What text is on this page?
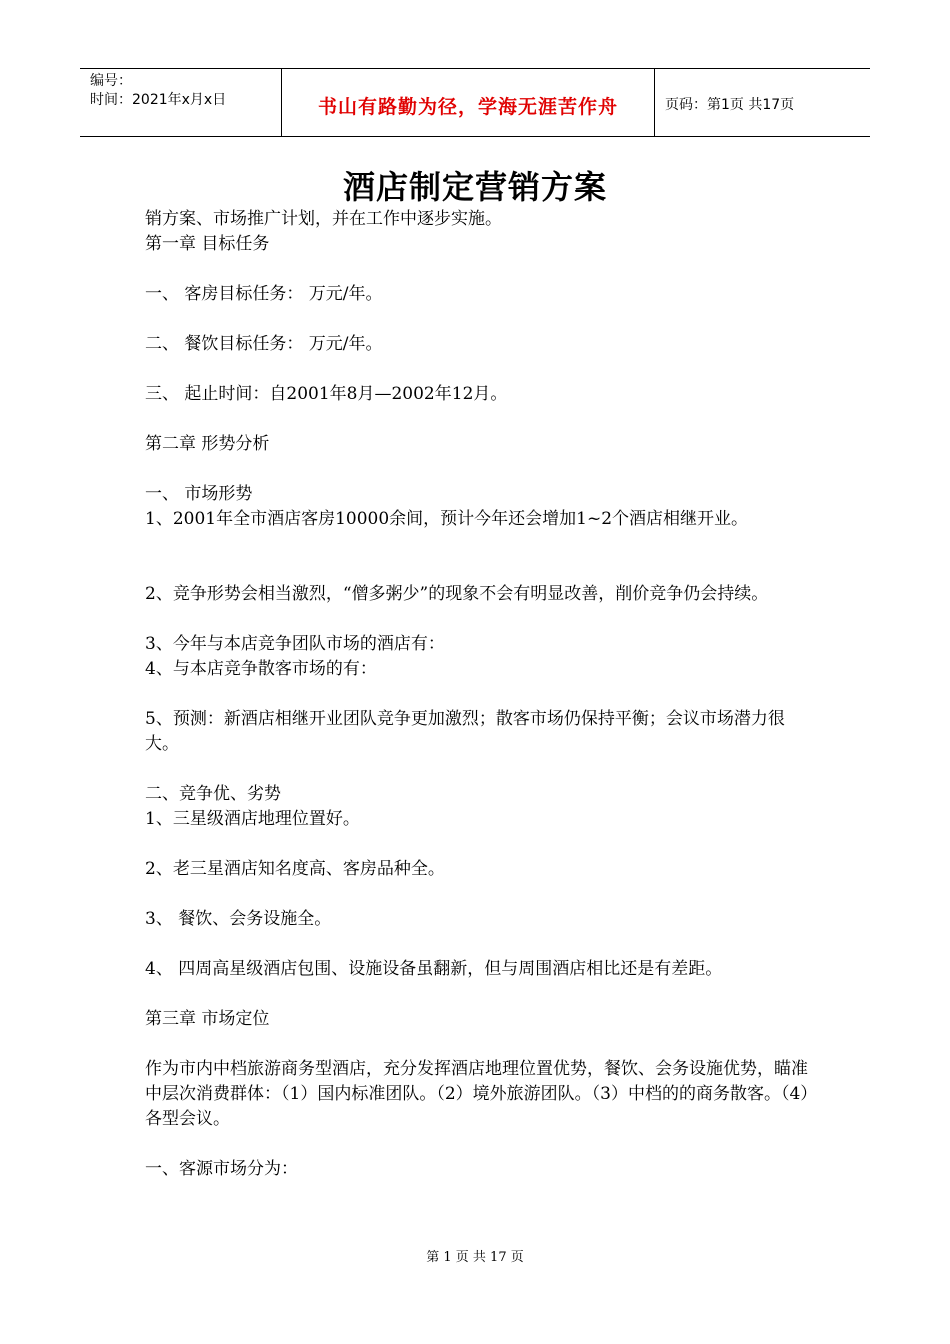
编号：
时间：2021年x月x日	书山有路勤为径，学海无涯苦作舟	页码：第1页 共17页
酒店制定营销方案

销方案、市场推广计划，并在工作中逐步实施。

第一章 目标任务

一、 客房目标任务： 万元/年。

二、 餐饮目标任务： 万元/年。

三、 起止时间：自2001年8月—2002年12月。

第二章 形势分析

一、 市场形势

1、2001年全市酒店客房10000余间，预计今年还会增加1~2个酒店相继开业。

2、竞争形势会相当激烈，“僧多粥少”的现象不会有明显改善，削价竞争仍会持续。

3、今年与本店竞争团队市场的酒店有：

4、与本店竞争散客市场的有：

5、预测：新酒店相继开业团队竞争更加激烈；散客市场仍保持平衡；会议市场潜力很大。

二、竞争优、劣势

1、三星级酒店地理位置好。

2、老三星酒店知名度高、客房品种全。

3、 餐饮、会务设施全。

4、 四周高星级酒店包围、设施设备虽翻新，但与周围酒店相比还是有差距。

第三章 市场定位

作为市内中档旅游商务型酒店，充分发挥酒店地理位置优势，餐饮、会务设施优势，瞄准中层次消费群体：（1）国内标准团队。（2）境外旅游团队。（3）中档的的商务散客。（4）各型会议。

一、客源市场分为：

第 1 页 共 17 页
